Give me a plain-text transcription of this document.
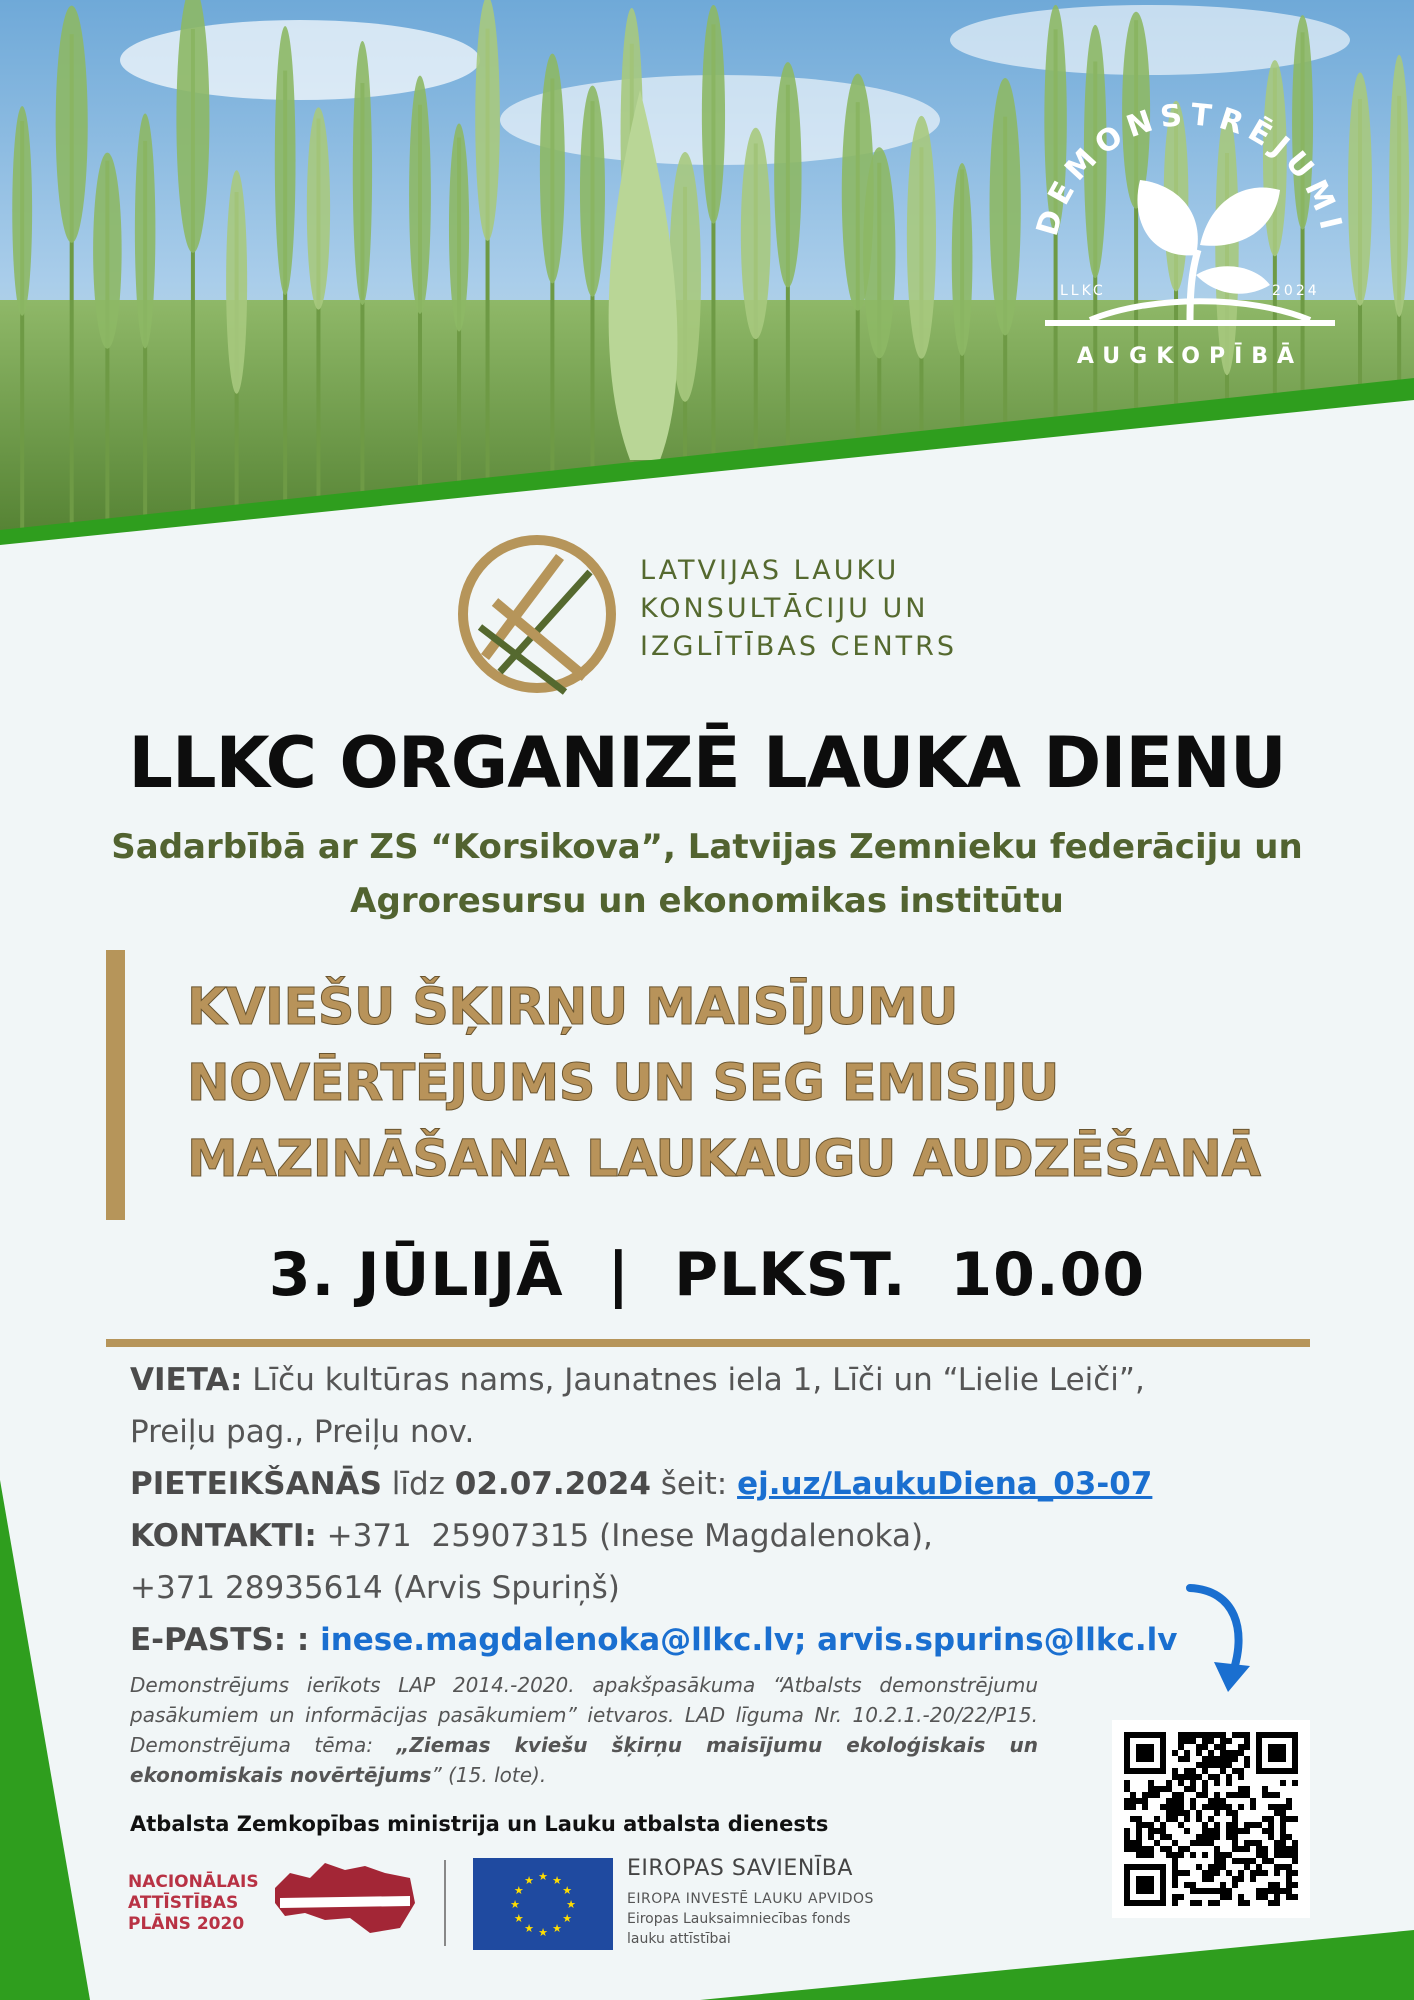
DEMONSTRĒJUMI
LLKC	2024
AUGKOPĪBĀ
LATVIJAS LAUKU
KONSULTĀCIJU UN
IZGLĪTĪBAS CENTRS
LLKC ORGANIZĒ LAUKA DIENU
Sadarbībā ar ZS “Korsikova”, Latvijas Zemnieku federāciju un
Agroresursu un ekonomikas institūtu
KVIEŠU ŠĶIRŅU MAISĪJUMU
NOVĒRTĒJUMS UN SEG EMISIJU
MAZINĀŠANA LAUKAUGU AUDZĒŠANĀ
3. JŪLIJĀ  |  PLKST.  10.00
VIETA: Līču kultūras nams, Jaunatnes iela 1, Līči un “Lielie Leiči”,
Preiļu pag., Preiļu nov.
PIETEIKŠANĀS līdz 02.07.2024 šeit: ej.uz/LaukuDiena_03-07
KONTAKTI: +371  25907315 (Inese Magdalenoka),
+371 28935614 (Arvis Spuriņš)
E-PASTS: : inese.magdalenoka@llkc.lv; arvis.spurins@llkc.lv
Demonstrējums ierīkots LAP 2014.-2020. apakšpasākuma “Atbalsts demonstrējumu pasākumiem un informācijas pasākumiem” ietvaros. LAD līguma Nr. 10.2.1.-20/22/P15. Demonstrējuma tēma: „Ziemas kviešu šķirņu maisījumu ekoloģiskais un ekonomiskais novērtējums” (15. lote).
Atbalsta Zemkopības ministrija un Lauku atbalsta dienests
NACIONĀLAIS
ATTĪSTĪBAS
PLĀNS 2020
★
★
★
★
★
★
★
★
★ ★ ★
★
EIROPAS SAVIENĪBA
EIROPA INVESTĒ LAUKU APVIDOS
Eiropas Lauksaimniecības fonds
lauku attīstībai
